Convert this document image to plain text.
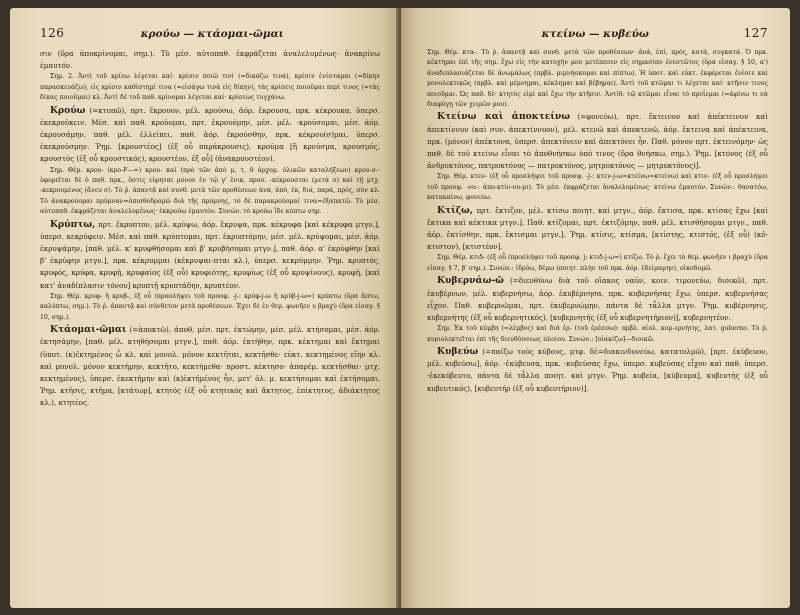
126	κρούω — κτάομαι-ῶμαι

σιν (ὅρα ἀποκρίνομαι, σημ.). Τὸ μέσ. αὐτοπαθ. ἐκφράζεται ἀναλελυμένως· ἀνακρίνω ἐμαυτόν.

Σημ. 2. Ἀντὶ τοῦ κρίνω λέγεται καί· κρίσιν ποιῶ τινί (=δικάζω τινά), κρίσιν ἐνίσταμαι (=δίκην παρασκευάζω), εἰς κρίσιν καθίστημί τινα (=εἰσάγω τινὰ εἰς δίκην), τὰς κρίσεις ποιοῦμαι περί τινος (=τὰς δίκας ποιοῦμαι) κλ. Ἀντὶ δὲ τοῦ παθ. κρίνομαι λέγεται καί· κρίσεως τυγχάνω.

Κρούω (=κτυπῶ), πρτ. ἔκρουον, μέλ. κρούσω, ἀόρ. ἔκρουσα, πρκ. κέκρουκα, ὑπερσ. ἐκεκρούκειν. Μέσ. καὶ παθ. κρούομαι, πρτ. ἐκρουόμην, μέσ. μέλ. -κρούσομαι, μέσ. ἀόρ. ἐκρουσάμην, παθ. μέλ. ἐλλείπει, παθ. ἀόρ. ἐκρούσθην, πρκ. κέκρου(σ)μαι, ὑπερσ. ἐκεκρούσμην. Ῥημ. [κρουστέος] (ἐξ οὗ παράκρουσις), κρούμα [ἢ κρούσμα, κρουσμός, κρουστὸς (ἐξ οὗ κρουστικός), κρουστέον, ἐξ οὗ] (ἀνακρουστέον).

Σημ. Θέμ. κρου- (κρο-F—=) κρου- καὶ (πρὸ τῶν ἀπὸ μ, τ, θ ἀρχομ. ὀλικῶν καταλήξεων) κρου-σ-· ὑφορεῖται δὲ ὁ παθ. πρκ., ὅστις εὑρηται μόνον ἐν τῷ γ' ἑνικ. προσ. -κέκρουσται (μετὰ σ) καὶ τῇ μτχ. -κεκρουμένος (ἄνευ σ). Τὸ ῥ. ἀπαντᾷ καὶ συνθ. μετὰ τῶν προθέσεων ἀνά, ἀπό, ἐκ, διά, παρά, πρός, σὺν κλ. Τὸ ἀνακρούομαι πρύμναν=ὀπισθοδρομῶ διὰ τῆς πρύμνης, τὸ δὲ παρακρούομαί τινα=ἐξαπατῶ. Τὸ μέσ. αὐτοπαθ. ἐκφράζεται ἀναλελυμένως· ἐκκρούω ἐμαυτόν. Συνών. τὸ κρούω ἴδε κόπτω σημ.

Κρύπτω, πρτ. ἔκρυπτον, μέλ. κρύψω, ἀόρ. ἔκρυψα, πρκ. κέκρυφα [καὶ κέκρυφα μτγν.], ὑπερσ. κεκρύφειν. Μέσ. καὶ παθ. κρύπτομαι, πρτ. ἐκρυπτόμην, μέσ. μέλ. κρύψομαι, μέσ. ἀόρ. ἐκρυψάμην, [παθ. μέλ. κ' κρυφθήσομαι καὶ β' κρυβήσομαι μτγν.], παθ. ἀόρ. α' ἐκρύφθην [καὶ β' ἐκρύφην μτγν.], πρκ. κέκρυμμαι (κέκρυψαι-πται κλ.), ὑπερσ. κεκρύμμην. Ῥημ. κρυπτός, κρυφός, κρύφα, κρυφῇ, κρυφαίος (ἐξ οὗ) κρυφιότης, κρυφίως (ἐξ οὗ κρυψίνους), κρυφῆ, [καὶ κατ' ἀναδίπλασιν τόνου] κρυπτῇ κρυπτάδην, κρυπτέον.

Σημ. Θέμ. κρυφ- ἢ κρυβ-, ἐξ οὗ (προσλήψει τοῦ προσφ. -j-: κρύφ-j-ω ἢ κρύβ-j-ω=) κρύπτω (ὅρα ἅπτω, καλύπτω, σημ.). Τὸ ῥ. ἀπαντᾷ καὶ σύνθετον μετὰ προθέσεων. Ἐχει δὲ ἐν θεμ. φωνῆεν υ βραχὺ (ὅρα εἰσαγ. § 10, σημ.).

Κτάομαι-ῶμαι (=ἀποκτῶ), ἀποθ. μέσ. πρτ. ἐκτώμην, μέσ. μέλ. κτήσομαι, μέσ. ἀόρ. ἐκτησάμην, [παθ. μέλ. κτηθήσομαι μτγν.], παθ. ἀόρ. ἐκτήθην, πρκ. κέκτημαι καὶ ἔκτημαι (ὑποτ. (κ)ἐκτημένος ὦ κλ. καὶ μονολ. μόνον κεκτῆται, κεκτῆσθε· εὐκτ. κεκτημένος εἴην κλ. καὶ μονολ. μόνον κεκτήμην, κεκτῆτο, κεκτήμεθα· προστ. κέκτησο· ἀπαρέμ. κεκτῆσθαι· μτχ. κεκτημένος), ὑπερσ. ἐκεκτήμην καὶ (κ)ἐκτήμένος ἦν, μετ' ὀλ. μ. κεκτήσομαι καὶ ἐκτήσομαι. Ῥημ. κτῆσις, κτῆμα, [κτάτωρ], κτητός (ἐξ οὗ κτητικός καὶ ἄκτητος, ἐπίκτητος, ἀδιάκτητος κλ.), κτητέος.

κτείνω — κυβεύω	127

Σημ. Θέμ. κτα-. Τὸ ῥ. ἀπαντᾷ καὶ συνθ. μετὰ τῶν προθέσεων· ἀνά, ἐπί, πρός, κατά, συγκατά. Ὁ πρκ. κέκτημαι ἐπὶ τῆς σημ. ἔχω εἰς τὴν κατοχὴν μου μετέπεσεν εἰς σημασίαν ἐνεστῶτος (ὅρα εἰσαγ. § 10, α') ἀναδιπλασιάζεται δὲ ἀνωμάλως (πρβλ. μιμνήσκομαι καὶ πίπτω). Ἡ ὑποτ. καὶ εὐκτ. ἐκφέρεται ἐνίοτε καὶ μονολεκτικῶς (πρβλ. καὶ μέμνημαι, κέκλημαι καὶ βέβημαι). Ἀντὶ τοῦ κτῶμαι τι λέγεται καί· κτῆσιν τινος ποιοῦμαι. Ὡς παθ. δὲ· κτητὸς εἰμὶ καὶ ἔχω τὴν κτῆσιν. Ἀντίθ. τῷ κτῶμαι εἶναι τὸ πρoΐεμαι (=ἀφίνω τι νὰ διαφύγῃ τῶν χειρῶν μου).

Κτείνω καὶ ἀποκτείνω (=φονεύω), πρτ. ἔκτεινον καὶ ἀπέκτεινον καὶ ἀπεκτίννυν (καὶ συν. ἀπεκτίννυον), μέλ. κτενῶ καὶ ἀποκτενῶ, ἀόρ. ἔκτεινα καὶ ἀπέκτεινα, πρκ. (μόνον) ἀπέκτονα, ὑπερσ. ἀπεκτόνειν καὶ ἀπεκτόνει ἦν. Παθ. μόνον πρτ. ἐκτεινόμην· ὡς παθ. δὲ τοῦ κτείνω εἶναι τὸ ἀποθνήσκω ὑπό τινος (ὅρα θνήσκω, σημ.). Ῥημ. [κτόνος (ἐξ οὗ ἀνδροκτόνος, πατροκτόνος — πατροκτόνος, μητροκτόνος — μητροκτόνος)].

Σημ. Θέμ. κτεν- (ἐξ οὗ προσλήψει τοῦ προσφ. -j-: κτεν-j-ω=κτείνω=κτείνω) καὶ κτιν- (ἐξ οὗ προσλήψει τοῦ προσφ. -νυ-: ἀπο-κτίν-νυ-μι). Τὸ μέσ. ἐκφράζεται ἀναλελυμένως· κτείνω ἐμαυτόν. Συνών.: θανατόω, κατακαίνω, φονεύω.

Κτίζω, πρτ. ἔκτιζον, μέλ. κτίσω ποιητ. καὶ μτγν., ἀόρ. ἔκτισα, πρκ. κτίσας ἔχω [καὶ ἔκτικα καὶ κέκτικα μτγν.]. Παθ. κτίζομαι, πρτ. ἐκτιζόμην, παθ. μέλ. κτισθήσομαι μτγν., παθ. ἀόρ. ἐκτίσθην, πρκ. ἔκτισμαι μτγν.]. Ῥημ. κτίσις, κτίσμα, [κτίστης, κτιστός, (ἐξ οὗ) (κὀ-κτιστον), [κτιστέον].

Σημ. Θέμ. κτιδ- (ἐξ οὗ (προσλήψει τοῦ προσφ. j: κτιδ-j-ω=) κτίζω. Τὸ ῥ. ἔχει τὸ θεμ. φωνῆεν ι βραχὺ (ὅρα εἰσαγ. § 7, β' σημ.). Συνών.: ἱδρύω, δέμω (ποιητ. πλὴν τοῦ πρκ. ἀόρ. ἐδείμαμην), οἰκοδομῶ.

Κυβερνάω-ῶ (=διευθύνω διὰ τοῦ οἴακος ναῦν, κοιν. τιμονεύω, διοικῶ), πρτ. ἐκυβέρνων, μέλ. κυβερνήσω, ἀόρ. ἐκυβέρνησα, πρκ. κυβερνήσας ἔχω, ὑπερσ. κυβερνήσας εἶχον. Παθ. κυβερνῶμαι, πρτ. ἐκυβερνώμην, πάντα δὲ τἆλλα μτγν. Ῥημ. κυβέρνησις, κυβερνήτης (ἐξ οὗ κυβερνητικός), [κυβερνητής (ἐξ οὗ κυβερνητήριον)], κυβερνητέον.

Σημ. Ἐκ τοῦ κύμβη (=λέμβος) καὶ διὰ ἐρ- (τοῦ ἐρέσσω): πρβλ. αἰολ. κυμ-ερνήτης, λατ. guberno. Τὸ ῥ. κυριολεκτεῖται ἐπὶ τῆς διευθύνσεως πλοίου. Συνών.: [οἰακίζω]—διοικῶ.

Κυβεύω (=παίζω τοὺς κύβους, μτφ. δὲ=διακινδυνεύω, κατατολμῶ), [πρτ. ἐκύβευον, μέλ. κυβεύσω], ἀόρ. -ἐκύβευσα, πρκ. -κυβεύσας ἔχω, ὑπερσ. κυβεύσας εἶχον καὶ παθ. ὑπερσ. -ἐκεκύβευτο, πάντα δὲ τἆλλα ποιητ. καὶ μτγν. Ῥημ. κυβεία, [κύβευμα], κυβευτής (ἐξ οὗ κυβευτικός), [κυβευτήρ (ἐξ οὗ κυβευτήριον)].
